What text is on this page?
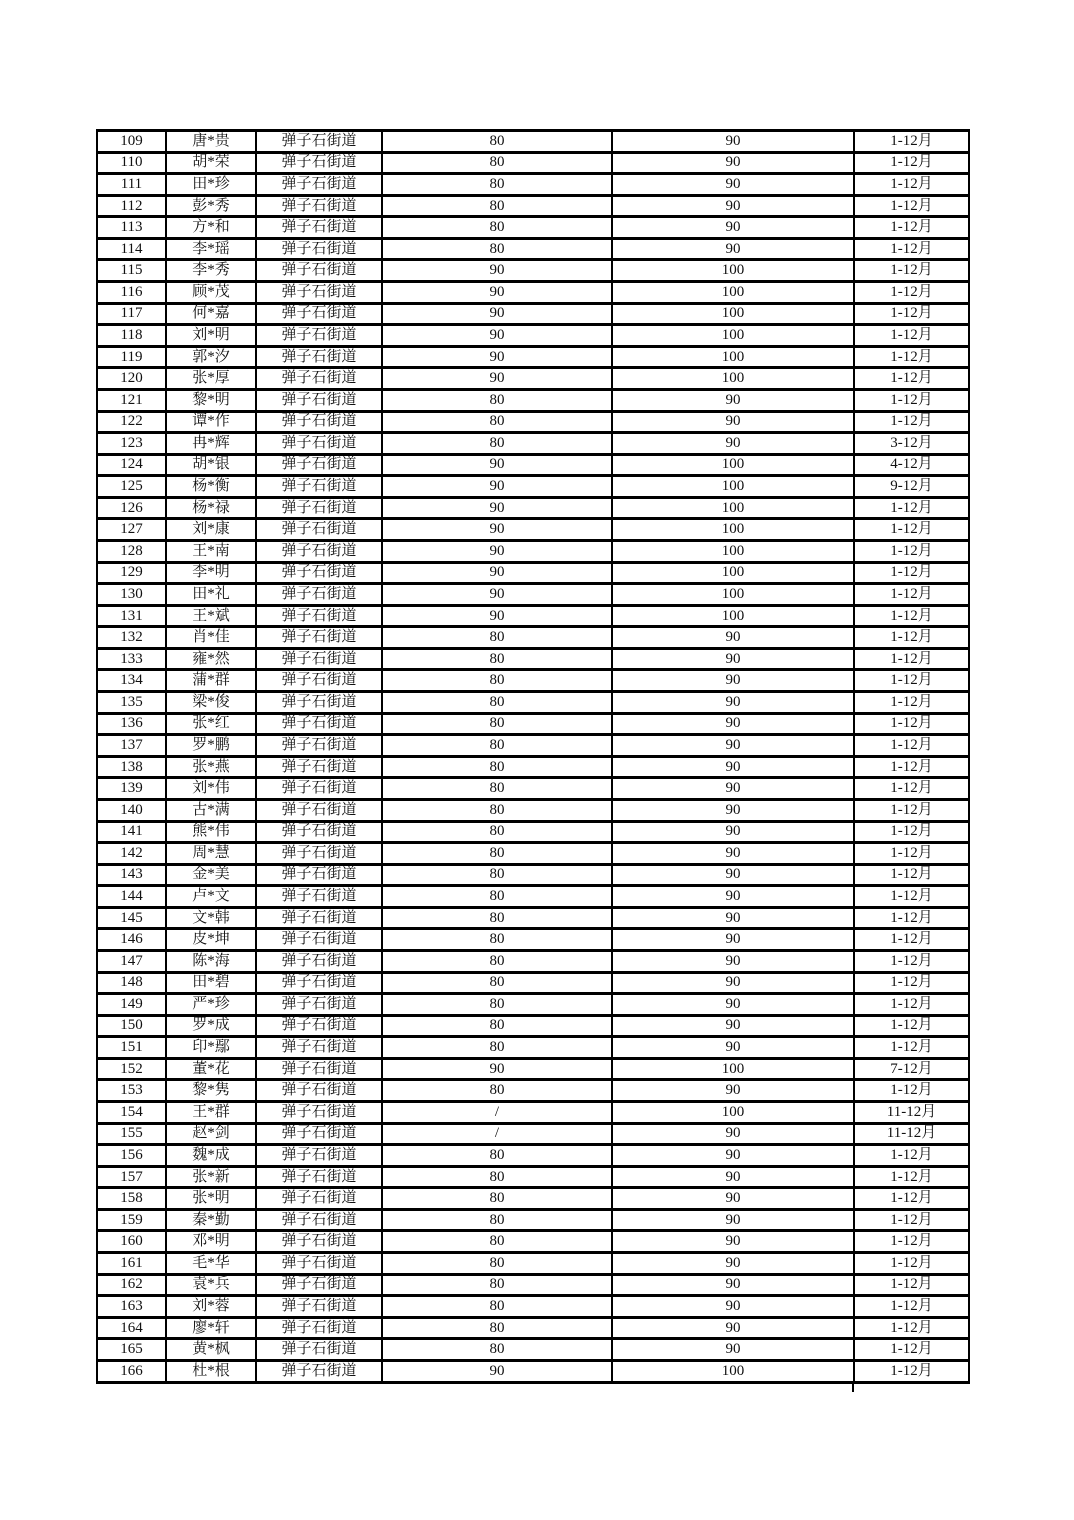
109	唐*贵	弹子石街道	80	90	1-12月
110	胡*荣	弹子石街道	80	90	1-12月
111	田*珍	弹子石街道	80	90	1-12月
112	彭*秀	弹子石街道	80	90	1-12月
113	方*和	弹子石街道	80	90	1-12月
114	李*瑶	弹子石街道	80	90	1-12月
115	李*秀	弹子石街道	90	100	1-12月
116	顾*茂	弹子石街道	90	100	1-12月
117	何*嘉	弹子石街道	90	100	1-12月
118	刘*明	弹子石街道	90	100	1-12月
119	郭*汐	弹子石街道	90	100	1-12月
120	张*厚	弹子石街道	90	100	1-12月
121	黎*明	弹子石街道	80	90	1-12月
122	谭*作	弹子石街道	80	90	1-12月
123	冉*辉	弹子石街道	80	90	3-12月
124	胡*银	弹子石街道	90	100	4-12月
125	杨*衡	弹子石街道	90	100	9-12月
126	杨*禄	弹子石街道	90	100	1-12月
127	刘*康	弹子石街道	90	100	1-12月
128	王*南	弹子石街道	90	100	1-12月
129	李*明	弹子石街道	90	100	1-12月
130	田*礼	弹子石街道	90	100	1-12月
131	王*斌	弹子石街道	90	100	1-12月
132	肖*佳	弹子石街道	80	90	1-12月
133	雍*然	弹子石街道	80	90	1-12月
134	蒲*群	弹子石街道	80	90	1-12月
135	梁*俊	弹子石街道	80	90	1-12月
136	张*红	弹子石街道	80	90	1-12月
137	罗*鹏	弹子石街道	80	90	1-12月
138	张*燕	弹子石街道	80	90	1-12月
139	刘*伟	弹子石街道	80	90	1-12月
140	古*满	弹子石街道	80	90	1-12月
141	熊*伟	弹子石街道	80	90	1-12月
142	周*慧	弹子石街道	80	90	1-12月
143	金*美	弹子石街道	80	90	1-12月
144	卢*文	弹子石街道	80	90	1-12月
145	文*韩	弹子石街道	80	90	1-12月
146	皮*坤	弹子石街道	80	90	1-12月
147	陈*海	弹子石街道	80	90	1-12月
148	田*碧	弹子石街道	80	90	1-12月
149	严*珍	弹子石街道	80	90	1-12月
150	罗*成	弹子石街道	80	90	1-12月
151	印*鄢	弹子石街道	80	90	1-12月
152	董*花	弹子石街道	90	100	7-12月
153	黎*隽	弹子石街道	80	90	1-12月
154	王*群	弹子石街道	/	100	11-12月
155	赵*剑	弹子石街道	/	90	11-12月
156	魏*成	弹子石街道	80	90	1-12月
157	张*新	弹子石街道	80	90	1-12月
158	张*明	弹子石街道	80	90	1-12月
159	秦*勤	弹子石街道	80	90	1-12月
160	邓*明	弹子石街道	80	90	1-12月
161	毛*华	弹子石街道	80	90	1-12月
162	袁*兵	弹子石街道	80	90	1-12月
163	刘*蓉	弹子石街道	80	90	1-12月
164	廖*轩	弹子石街道	80	90	1-12月
165	黄*枫	弹子石街道	80	90	1-12月
166	杜*根	弹子石街道	90	100	1-12月
